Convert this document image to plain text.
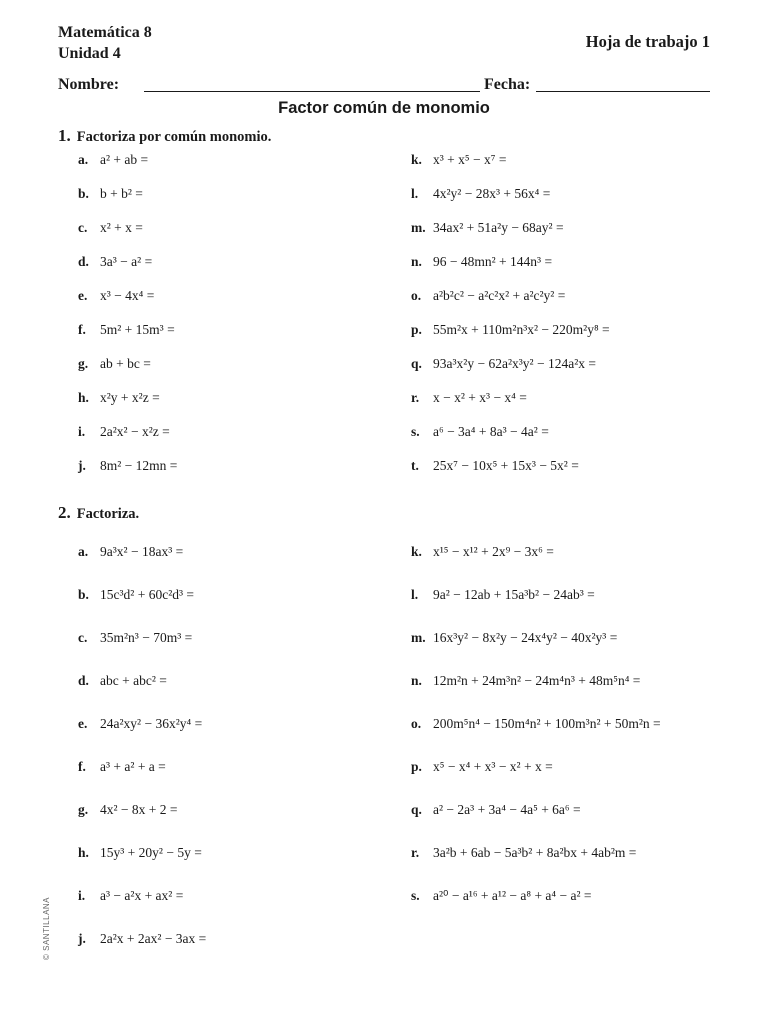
Matemática 8
Unidad 4
Hoja de trabajo 1
Nombre:	Fecha:
Factor común de monomio
1. Factoriza por común monomio.
2. Factoriza.
a. a² + ab =
b. b + b² =
c. x² + x =
d. 3a³ − a² =
e. x³ − 4x⁴ =
f. 5m² + 15m³ =
g. ab + bc =
h. x²y + x²z =
i. 2a²x² − x²z =
j. 8m² − 12mn =
k. x³ + x⁵ − x⁷ =
l. 4x²y² − 28x³ + 56x⁴ =
m. 34ax² + 51a²y − 68ay² =
n. 96 − 48mn² + 144n³ =
o. a²b²c² − a²c²x² + a²c²y² =
p. 55m²x + 110m²n³x² − 220m²y⁸ =
q. 93a³x²y − 62a²x³y² − 124a²x =
r. x − x² + x³ − x⁴ =
s. a⁶ − 3a⁴ + 8a³ − 4a² =
t. 25x⁷ − 10x⁵ + 15x³ − 5x² =
a. 9a³x² − 18ax³ =
b. 15c³d² + 60c²d³ =
c. 35m²n³ − 70m³ =
d. abc + abc² =
e. 24a²xy² − 36x²y⁴ =
f. a³ + a² + a =
g. 4x² − 8x + 2 =
h. 15y³ + 20y² − 5y =
i. a³ − a²x + ax² =
j. 2a²x + 2ax² − 3ax =
k. x¹⁵ − x¹² + 2x⁹ − 3x⁶ =
l. 9a² − 12ab + 15a³b² − 24ab³ =
m. 16x³y² − 8x²y − 24x⁴y² − 40x²y³ =
n. 12m²n + 24m³n² − 24m⁴n³ + 48m⁵n⁴ =
o. 200m⁵n⁴ − 150m⁴n² + 100m³n² + 50m²n =
p. x⁵ − x⁴ + x³ − x² + x =
q. a² − 2a³ + 3a⁴ − 4a⁵ + 6a⁶ =
r. 3a²b + 6ab − 5a³b² + 8a²bx + 4ab²m =
s. a²⁰ − a¹⁶ + a¹² − a⁸ + a⁴ − a² =
© SANTILLANA
